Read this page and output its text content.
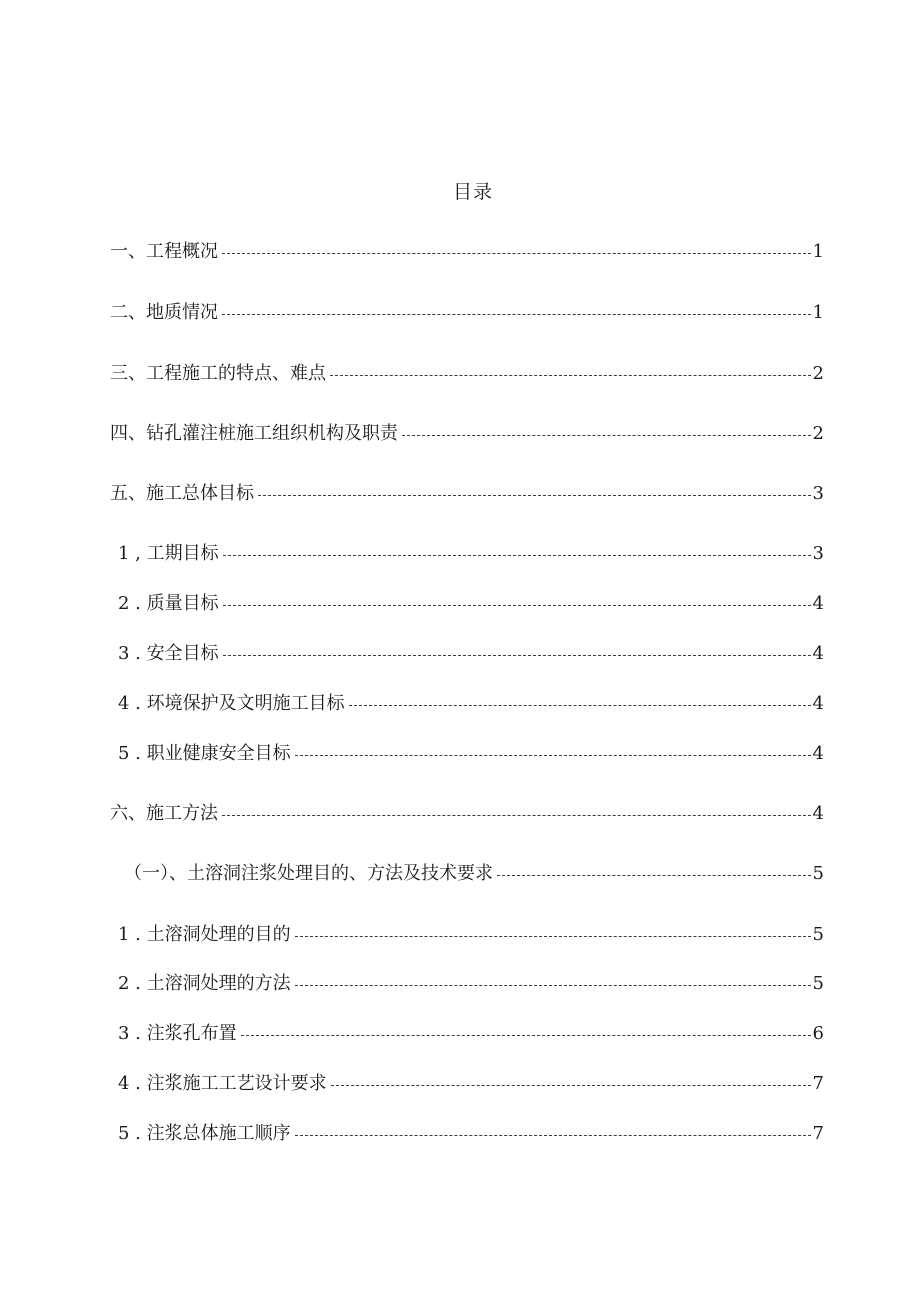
目录
一、工程概况	1
二、地质情况	1
三、工程施工的特点、难点	2
四、钻孔灌注桩施工组织机构及职责	2
五、施工总体目标	3
1 , 工期目标	3
2 . 质量目标	4
3 . 安全目标	4
4 . 环境保护及文明施工目标	4
5 . 职业健康安全目标	4
六、施工方法	4
（一）、土溶洞注浆处理目的、方法及技术要求	5
1 . 土溶洞处理的目的	5
2 . 土溶洞处理的方法	5
3 . 注浆孔布置	6
4 . 注浆施工工艺设计要求	7
5 . 注浆总体施工顺序	7
